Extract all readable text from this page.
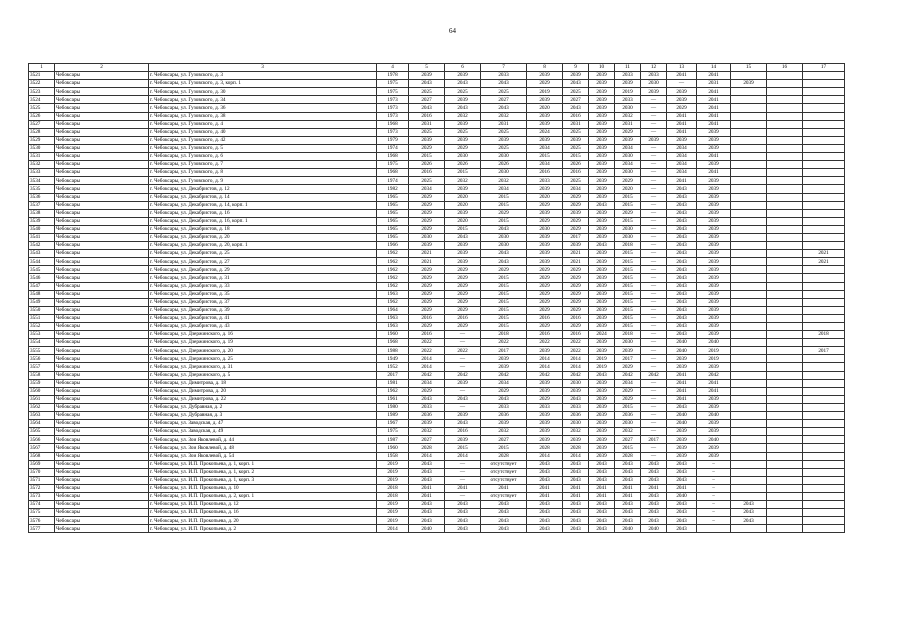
64
1	2	3	4	5	6	7	8	9	10	11	12	13	14	15	16	17
3521	Чебоксары	г. Чебоксары, ул. Гузовского, д. 3	1978	2039	2039	2033	2039	2039	2039	2033	2033	2041	2041			
3522	Чебоксары	г. Чебоксары, ул. Гузовского, д. 3, корп. 1	1975	2043	2043	2043	2029	2043	2039	2039	2030	—	2031	2039		
3523	Чебоксары	г. Чебоксары, ул. Гузовского, д. 30	1975	2025	2025	2025	2019	2025	2039	2019	2039	2039	2041			
3524	Чебоксары	г. Чебоксары, ул. Гузовского, д. 34	1973	2027	2039	2027	2039	2027	2039	2033	—	2039	2041			
3525	Чебоксары	г. Чебоксары, ул. Гузовского, д. 36	1973	2043	2043	2043	2020	2043	2039	2030	—	2029	2041			
3526	Чебоксары	г. Чебоксары, ул. Гузовского, д. 38	1973	2016	2032	2032	2039	2016	2039	2032	—	2041	2041			
3527	Чебоксары	г. Чебоксары, ул. Гузовского, д. 4	1968	2031	2039	2031	2039	2031	2039	2031	—	2041	2041			
3528	Чебоксары	г. Чебоксары, ул. Гузовского, д. 40	1973	2025	2025	2025	2024	2025	2039	2029	—	2041	2039			
3529	Чебоксары	г. Чебоксары, ул. Гузовского, д. 42	1979	2039	2039	2039	2039	2039	2039	2039	2039	2039	2039			
3530	Чебоксары	г. Чебоксары, ул. Гузовского, д. 5	1974	2029	2029	2025	2034	2025	2039	2034	—	2034	2039			
3531	Чебоксары	г. Чебоксары, ул. Гузовского, д. 6	1968	2015	2030	2030	2015	2015	2039	2030	—	2034	2041			
3532	Чебоксары	г. Чебоксары, ул. Гузовского, д. 7	1975	2026	2026	2026	2034	2026	2039	2034	—	2034	2039			
3533	Чебоксары	г. Чебоксары, ул. Гузовского, д. 8	1968	2016	2015	2030	2016	2016	2039	2030	—	2034	2041			
3534	Чебоксары	г. Чебоксары, ул. Гузовского, д. 9	1974	2025	2032	2032	2033	2025	2039	2029	—	2041	2039			
3535	Чебоксары	г. Чебоксары, ул. Декабристов, д. 12	1982	2034	2039	2034	2039	2034	2039	2020	—	2043	2039			
3536	Чебоксары	г. Чебоксары, ул. Декабристов, д. 14	1965	2029	2020	2015	2020	2029	2039	2015	—	2043	2039			
3537	Чебоксары	г. Чебоксары, ул. Декабристов, д. 14, корп. 1	1965	2029	2020	2015	2029	2029	2043	2015	—	2043	2039			
3538	Чебоксары	г. Чебоксары, ул. Декабристов, д. 16	1965	2029	2039	2029	2039	2039	2039	2029	—	2043	2039			
3539	Чебоксары	г. Чебоксары, ул. Декабристов, д. 16, корп. 1	1965	2029	2020	2015	2029	2029	2039	2015	—	2043	2039			
3540	Чебоксары	г. Чебоксары, ул. Декабристов, д. 18	1965	2029	2015	2043	2030	2029	2039	2030	—	2043	2039			
3541	Чебоксары	г. Чебоксары, ул. Декабристов, д. 20	1965	2030	2043	2030	2039	2017	2039	2030	—	2043	2039			
3542	Чебоксары	г. Чебоксары, ул. Декабристов, д. 20, корп. 1	1966	2039	2039	2030	2039	2039	2043	2018	—	2043	2039			
3543	Чебоксары	г. Чебоксары, ул. Декабристов, д. 25	1962	2021	2039	2043	2039	2021	2039	2015	—	2043	2039			2021
3544	Чебоксары	г. Чебоксары, ул. Декабристов, д. 27	1962	2021	2039	2043	2039	2021	2039	2015	—	2043	2039			2021
3545	Чебоксары	г. Чебоксары, ул. Декабристов, д. 29	1962	2029	2029	2029	2029	2029	2039	2015	—	2043	2039			
3546	Чебоксары	г. Чебоксары, ул. Декабристов, д. 31	1962	2029	2029	2015	2029	2029	2039	2015	—	2043	2039			
3547	Чебоксары	г. Чебоксары, ул. Декабристов, д. 33	1962	2029	2029	2015	2029	2029	2039	2015	—	2043	2039			
3548	Чебоксары	г. Чебоксары, ул. Декабристов, д. 35	1963	2029	2029	2015	2029	2029	2039	2015	—	2043	2039			
3549	Чебоксары	г. Чебоксары, ул. Декабристов, д. 37	1962	2029	2029	2015	2029	2029	2039	2015	—	2043	2039			
3550	Чебоксары	г. Чебоксары, ул. Декабристов, д. 39	1964	2029	2029	2015	2029	2029	2039	2015	—	2043	2039			
3551	Чебоксары	г. Чебоксары, ул. Декабристов, д. 41	1963	2016	2016	2015	2016	2016	2039	2015	—	2043	2039			
3552	Чебоксары	г. Чебоксары, ул. Декабристов, д. 43	1963	2029	2029	2015	2029	2029	2039	2015	—	2043	2039			
3553	Чебоксары	г. Чебоксары, ул. Дзержинского, д. 16	1960	2016	—	2018	2016	2016	2024	2018	—	2043	2039			2018
3554	Чебоксары	г. Чебоксары, ул. Дзержинского, д. 19	1968	2022	—	2022	2022	2022	2039	2030	—	2040	2040			
3555	Чебоксары	г. Чебоксары, ул. Дзержинского, д. 20	1988	2022	2022	2017	2039	2022	2039	2039	—	2040	2019			2017
3556	Чебоксары	г. Чебоксары, ул. Дзержинского, д. 25	1949	2014	—	2039	2014	2014	2019	2017	—	2039	2019			
3557	Чебоксары	г. Чебоксары, ул. Дзержинского, д. 31	1952	2014	—	2039	2014	2014	2019	2029	—	2039	2039			
3558	Чебоксары	г. Чебоксары, ул. Дзержинского, д. 5	2017	2042	2042	2042	2042	2042	2043	2042	2042	2041	2042			
3559	Чебоксары	г. Чебоксары, ул. Димитрова, д. 18	1981	2034	2039	2034	2039	2030	2039	2034	—	2041	2041			
3560	Чебоксары	г. Чебоксары, ул. Димитрова, д. 20	1962	2029	—	2029	2039	2039	2039	2029	—	2041	2041			
3561	Чебоксары	г. Чебоксары, ул. Димитрова, д. 22	1961	2043	2043	2043	2029	2043	2039	2029	—	2041	2039			
3562	Чебоксары	г. Чебоксары, ул. Дубравная, д. 2	1980	2033	—	2033	2033	2033	2039	2015	—	2043	2039			
3563	Чебоксары	г. Чебоксары, ул. Дубравная, д. 3	1989	2036	2039	2036	2039	2036	2039	2036	—	2040	2040			
3564	Чебоксары	г. Чебоксары, ул. Заводская, д. 47	1967	2039	2043	2039	2039	2030	2039	2030	—	2040	2039			
3565	Чебоксары	г. Чебоксары, ул. Заводская, д. 49	1975	2032	2016	2032	2039	2032	2039	2032	—	2039	2039			
3566	Чебоксары	г. Чебоксары, ул. Зои Яковлевой, д. 44	1987	2027	2039	2027	2039	2039	2039	2027	2017	2039	2040			
3567	Чебоксары	г. Чебоксары, ул. Зои Яковлевой, д. 48	1960	2028	2015	2015	2028	2028	2039	2015	—	2039	2039			
3568	Чебоксары	г. Чебоксары, ул. Зои Яковлевой, д. 54	1958	2014	2014	2028	2014	2014	2039	2028	—	2039	2039			
3569	Чебоксары	г. Чебоксары, ул. И.П. Прокопьева, д. 1, корп. 1	2019	2043	—	отсутствует	2043	2043	2043	2043	2043	2043	–			
3570	Чебоксары	г. Чебоксары, ул. И.П. Прокопьева, д. 1, корп. 2	2019	2043	—	отсутствует	2043	2043	2043	2043	2043	2043	–			
3571	Чебоксары	г. Чебоксары, ул. И.П. Прокопьева, д. 1, корп. 3	2019	2043	—	отсутствует	2043	2043	2043	2043	2043	2043	–			
3572	Чебоксары	г. Чебоксары, ул. И.П. Прокопьева, д. 10	2018	2041	2041	2041	2041	2041	2041	2041	2041	2041	–			
3573	Чебоксары	г. Чебоксары, ул. И.П. Прокопьева, д. 2, корп. 1	2018	2041	—	отсутствует	2041	2041	2041	2041	2043	2040	–			
3574	Чебоксары	г. Чебоксары, ул. И.П. Прокопьева, д. 12	2019	2043	2043	2043	2043	2043	2043	2043	2043	2043	–	2043		
3575	Чебоксары	г. Чебоксары, ул. И.П. Прокопьева, д. 16	2019	2043	2043	2043	2043	2043	2043	2043	2043	2043	–	2043		
3576	Чебоксары	г. Чебоксары, ул. И.П. Прокопьева, д. 20	2019	2043	2043	2043	2043	2043	2043	2043	2043	2043	–	2043		
3577	Чебоксары	г. Чебоксары, ул. И.П. Прокопьева, д. 2	2014	2040	2043	2043	2043	2043	2043	2040	2040	2043				
